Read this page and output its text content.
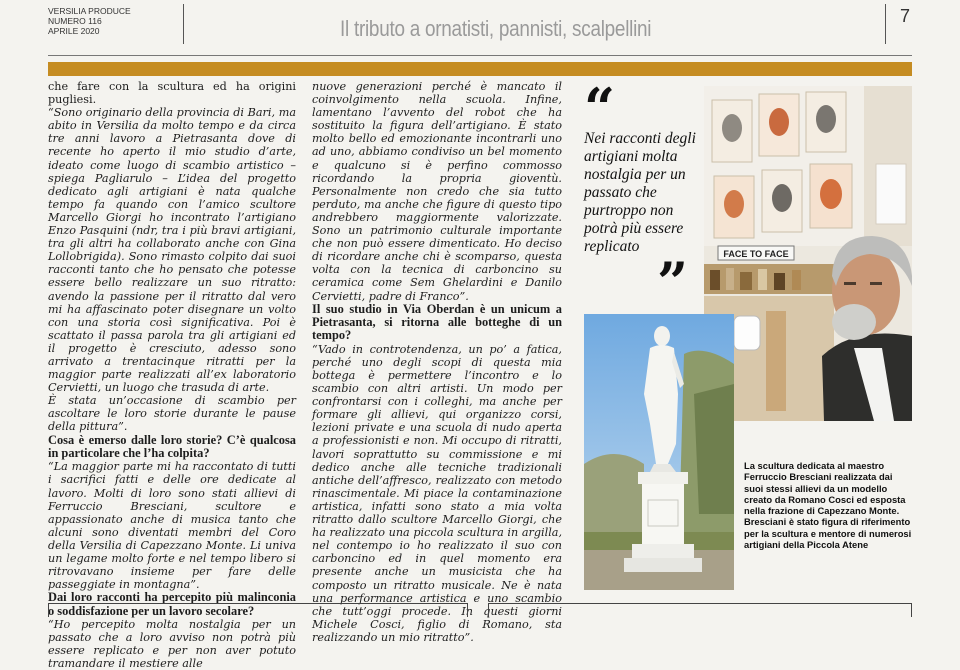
VERSILIA PRODUCE
NUMERO 116
APRILE 2020	Il tributo a ornatisti, pannisti, scalpellini	7

che fare con la scultura ed ha origini pugliesi.

“Sono originario della provincia di Bari, ma abito in Versilia da molto tempo e da circa tre anni lavoro a Pietrasanta dove di recente ho aperto il mio studio d’arte, ideato come luogo di scambio artistico – spiega Pagliarulo – L’idea del progetto dedicato agli artigiani è nata qualche tempo fa quando con l’amico scultore Marcello Giorgi ho incontrato l’artigiano Enzo Pasquini (ndr, tra i più bravi artigiani, tra gli altri ha collaborato anche con Gina Lollobrigida). Sono rimasto colpito dai suoi racconti tanto che ho pensato che potesse essere bello realizzare un suo ritratto: avendo la passione per il ritratto dal vero mi ha affascinato poter disegnare un volto con una storia così significativa. Poi è scattato il passa parola tra gli artigiani ed il progetto è cresciuto, adesso sono arrivato a trentacinque ritratti per la maggior parte realizzati all’ex laboratorio Cervietti, un luogo che trasuda di arte.

È stata un’occasione di scambio per ascoltare le loro storie durante le pause della pittura”.

Cosa è emerso dalle loro storie? C’è qualcosa in particolare che l’ha colpita?

“La maggior parte mi ha raccontato di tutti i sacrifici fatti e delle ore dedicate al lavoro. Molti di loro sono stati allievi di Ferruccio Bresciani, scultore e appassionato anche di musica tanto che alcuni sono diventati membri del Coro della Versilia di Capezzano Monte. Li univa un legame molto forte e nel tempo libero si ritrovavano insieme per fare delle passeggiate in montagna”.

Dai loro racconti ha percepito più malinconia o soddisfazione per un lavoro secolare?

“Ho percepito molta nostalgia per un passato che a loro avviso non potrà più essere replicato e per non aver potuto tramandare il mestiere alle

nuove generazioni perché è mancato il coinvolgimento nella scuola. Infine, lamentano l’avvento del robot che ha sostituito la figura dell’artigiano. È stato molto bello ed emozionante incontrarli uno ad uno, abbiamo condiviso un bel momento e qualcuno si è perfino commosso ricordando la propria gioventù. Personalmente non credo che sia tutto perduto, ma anche che figure di questo tipo andrebbero maggiormente valorizzate. Sono un patrimonio culturale importante che non può essere dimenticato. Ho deciso di ricordare anche chi è scomparso, questa volta con la tecnica di carboncino su ceramica come Sem Ghelardini e Danilo Cervietti, padre di Franco”.

Il suo studio in Via Oberdan è un unicum a Pietrasanta, si ritorna alle botteghe di un tempo?

“Vado in controtendenza, un po’ a fatica, perché uno degli scopi di questa mia bottega è permettere l’incontro e lo scambio con altri artisti. Un modo per confrontarsi con i colleghi, ma anche per formare gli allievi, qui organizzo corsi, lezioni private e una scuola di nudo aperta a professionisti e non. Mi occupo di ritratti, lavori soprattutto su commissione e mi dedico anche alle tecniche tradizionali antiche dell’affresco, realizzato con metodo rinascimentale. Mi piace la contaminazione artistica, infatti sono stato a mia volta ritratto dallo scultore Marcello Giorgi, che ha realizzato una piccola scultura in argilla, nel contempo io ho realizzato il suo con carboncino ed in quel momento era presente anche un musicista che ha composto un ritratto musicale. Ne è nata una performance artistica e uno scambio che tutt’oggi procede. In questi giorni Michele Cosci, figlio di Romano, sta realizzando un mio ritratto”.

“
Nei racconti degli artigiani molta nostalgia per un passato che purtroppo non potrà più essere replicato
”	FACE TO FACE
La scultura dedicata al maestro Ferruccio Bresciani realizzata dai suoi stessi allievi da un modello creato da Romano Cosci ed esposta nella frazione di Capezzano Monte. Bresciani è stato figura di riferimento per la scultura e mentore di numerosi artigiani della Piccola Atene
